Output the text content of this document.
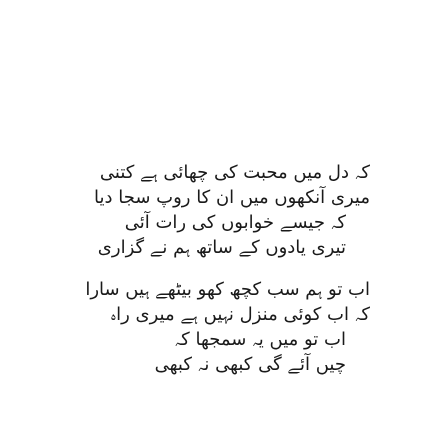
ﮐﮧ ﺩﻝ ﻣﯿﮟ ﻣﺤﺒﺖ ﮐﯽ ﭼﮭﺎﺋﯽ ﮨﮯ ﮐﺘﻨﯽ
ﻣﯿﺮﯼ ﺁﻧﮑﮭﻮﮞ ﻣﯿﮟ ﺍﻥ ﮐﺎ ﺭﻭﭖ ﺳﺠﺎ ﺩﯾﺎ
ﮐﮧ ﺟﯿﺴﮯ ﺧﻮﺍﺑﻮﮞ ﮐﯽ ﺭﺍﺕ ﺁﺋﯽ
ﺗﯿﺮﯼ ﯾﺎﺩﻭﮞ ﮐﮯ ﺳﺎﺗﮫ ﮨﻢ ﻧﮯ ﮔﺰﺍﺭﯼ
ﺍﺏ ﺗﻮ ﮨﻢ ﺳﺐ ﮐﭽﮫ ﮐﮭﻮ ﺑﯿﭩﮭﮯ ﮨﯿﮟ ﺳﺎﺭﺍ
ﮐﮧ ﺍﺏ ﮐﻮﺋﯽ ﻣﻨﺰﻝ ﻧﮩﯿﮟ ﮨﮯ ﻣﯿﺮﯼ ﺭﺍﮦ
ﺍﺏ ﺗﻮ ﻣﯿﮟ ﯾﮧ ﺳﻤﺠﮭﺎ ﮐﮧ
ﭼﯿﮟ ﺁﺋﮯ ﮔﯽ ﮐﺒﮭﯽ ﻧﮧ ﮐﺒﮭﯽ
